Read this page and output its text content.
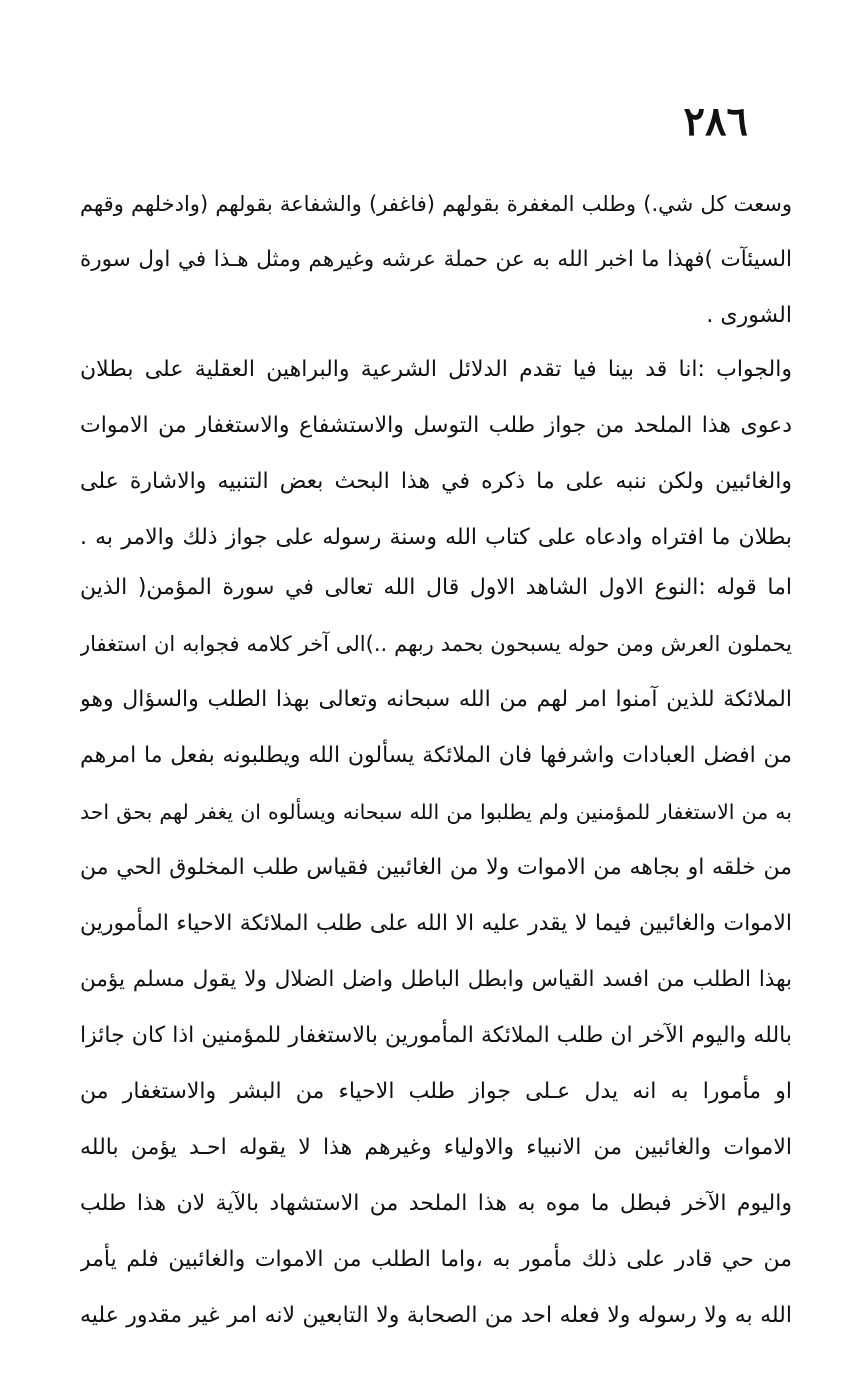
٢٨٦
وسعت كل شي.) وطلب المغفرة بقولهم (فاغفر) والشفاعة بقولهم (وادخلهم وقهم
السيئآت )فهذا ما اخبر الله به عن حملة عرشه وغيرهم ومثل هـذا في اول سورة
الشورى .
والجواب :انا قد بينا فيا تقدم الدلائل الشرعية والبراهين العقلية على بطلان
دعوى هذا الملحد من جواز طلب التوسل والاستشفاع والاستغفار من الاموات
والغائبين ولكن ننبه على ما ذكره في هذا البحث بعض التنبيه والاشارة على
بطلان ما افتراه وادعاه على كتاب الله وسنة رسوله على جواز ذلك والامر به .
اما قوله :النوع الاول الشاهد الاول قال الله تعالى في سورة المؤمن( الذين
يحملون العرش ومن حوله يسبحون بحمد ربهم ..)الى آخر كلامه فجوابه ان استغفار
الملائكة للذين آمنوا امر لهم من الله سبحانه وتعالى بهذا الطلب والسؤال وهو
من افضل العبادات واشرفها فان الملائكة يسألون الله ويطلبونه بفعل ما امرهم
به من الاستغفار للمؤمنين ولم يطلبوا من الله سبحانه ويسألوه ان يغفر لهم بحق احد
من خلقه او بجاهه من الاموات ولا من الغائبين فقياس طلب المخلوق الحي من
الاموات والغائبين فيما لا يقدر عليه الا الله على طلب الملائكة الاحياء المأمورين
بهذا الطلب من افسد القياس وابطل الباطل واضل الضلال ولا يقول مسلم يؤمن
بالله واليوم الآخر ان طلب الملائكة المأمورين بالاستغفار للمؤمنين اذا كان جائزا
او مأمورا به انه يدل عـلى جواز طلب الاحياء من البشر والاستغفار من
الاموات والغائبين من الانبياء والاولياء وغيرهم هذا لا يقوله احـد يؤمن بالله
واليوم الآخر فبطل ما موه به هذا الملحد من الاستشهاد بالآية لان هذا طلب
من حي قادر على ذلك مأمور به ،واما الطلب من الاموات والغائبين فلم يأمر
الله به ولا رسوله ولا فعله احد من الصحابة ولا التابعين لانه امر غير مقدور عليه
